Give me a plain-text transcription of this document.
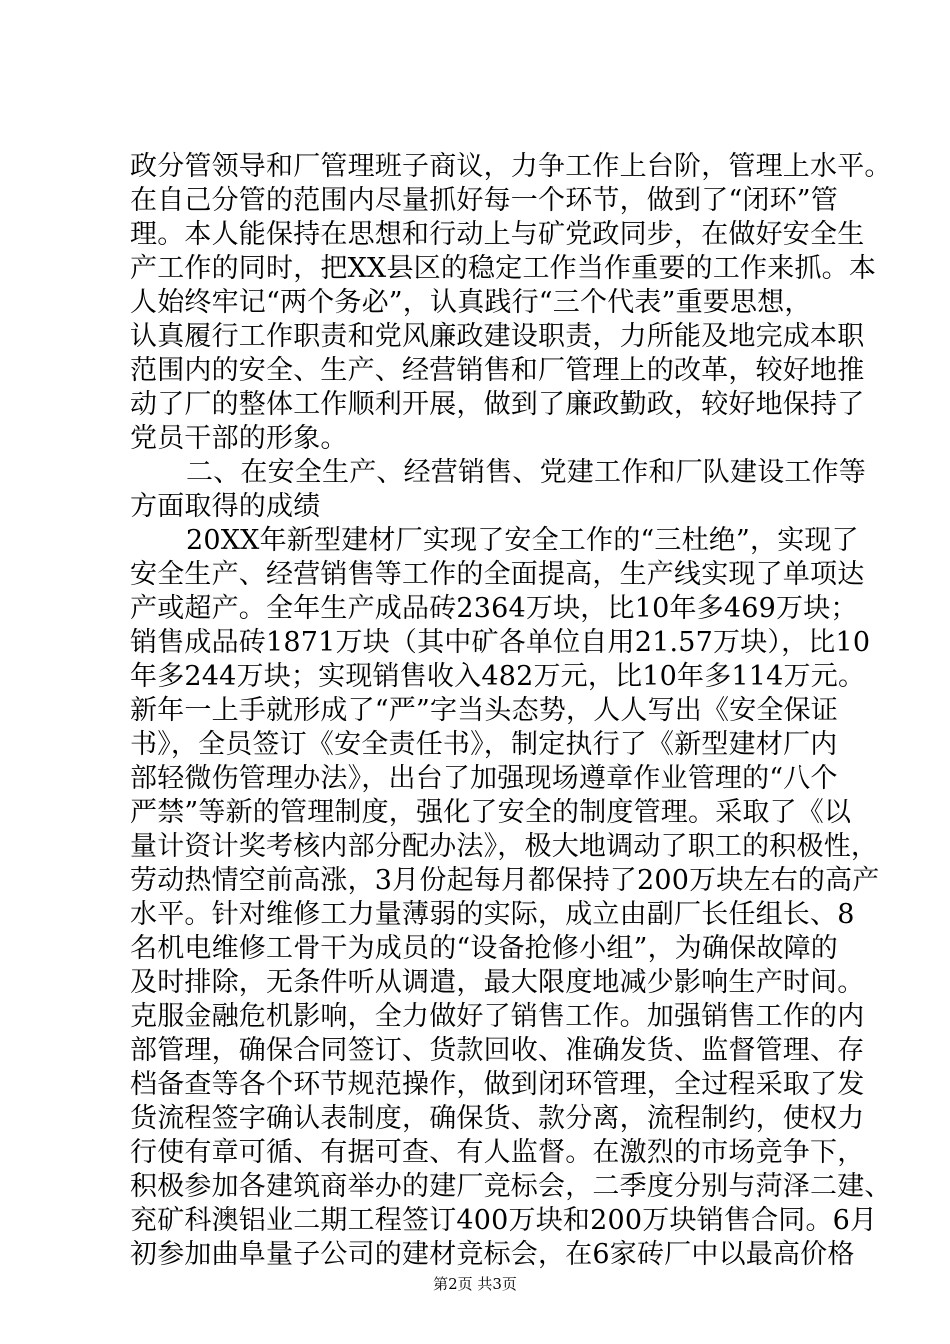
政分管领导和厂管理班子商议，力争工作上台阶，管理上水平。
在自己分管的范围内尽量抓好每一个环节，做到了“闭环”管
理。本人能保持在思想和行动上与矿党政同步，在做好安全生
产工作的同时，把XX县区的稳定工作当作重要的工作来抓。本
人始终牢记“两个务必”，认真践行“三个代表”重要思想，
认真履行工作职责和党风廉政建设职责，力所能及地完成本职
范围内的安全、生产、经营销售和厂管理上的改革，较好地推
动了厂的整体工作顺利开展，做到了廉政勤政，较好地保持了
党员干部的形象。
二、在安全生产、经营销售、党建工作和厂队建设工作等
方面取得的成绩
20XX年新型建材厂实现了安全工作的“三杜绝”，实现了
安全生产、经营销售等工作的全面提高，生产线实现了单项达
产或超产。全年生产成品砖2364万块，比10年多469万块；
销售成品砖1871万块（其中矿各单位自用21.57万块），比10
年多244万块；实现销售收入482万元，比10年多114万元。
新年一上手就形成了“严”字当头态势，人人写出《安全保证
书》，全员签订《安全责任书》，制定执行了《新型建材厂内
部轻微伤管理办法》，出台了加强现场遵章作业管理的“八个
严禁”等新的管理制度，强化了安全的制度管理。采取了《以
量计资计奖考核内部分配办法》，极大地调动了职工的积极性，
劳动热情空前高涨，3月份起每月都保持了200万块左右的高产
水平。针对维修工力量薄弱的实际，成立由副厂长任组长、8
名机电维修工骨干为成员的“设备抢修小组”，为确保故障的
及时排除，无条件听从调遣，最大限度地减少影响生产时间。
克服金融危机影响，全力做好了销售工作。加强销售工作的内
部管理，确保合同签订、货款回收、准确发货、监督管理、存
档备查等各个环节规范操作，做到闭环管理，全过程采取了发
货流程签字确认表制度，确保货、款分离，流程制约，使权力
行使有章可循、有据可查、有人监督。在激烈的市场竞争下，
积极参加各建筑商举办的建厂竞标会，二季度分别与菏泽二建、
兖矿科澳铝业二期工程签订400万块和200万块销售合同。6月
初参加曲阜量子公司的建材竞标会，在6家砖厂中以最高价格
第2页 共3页
